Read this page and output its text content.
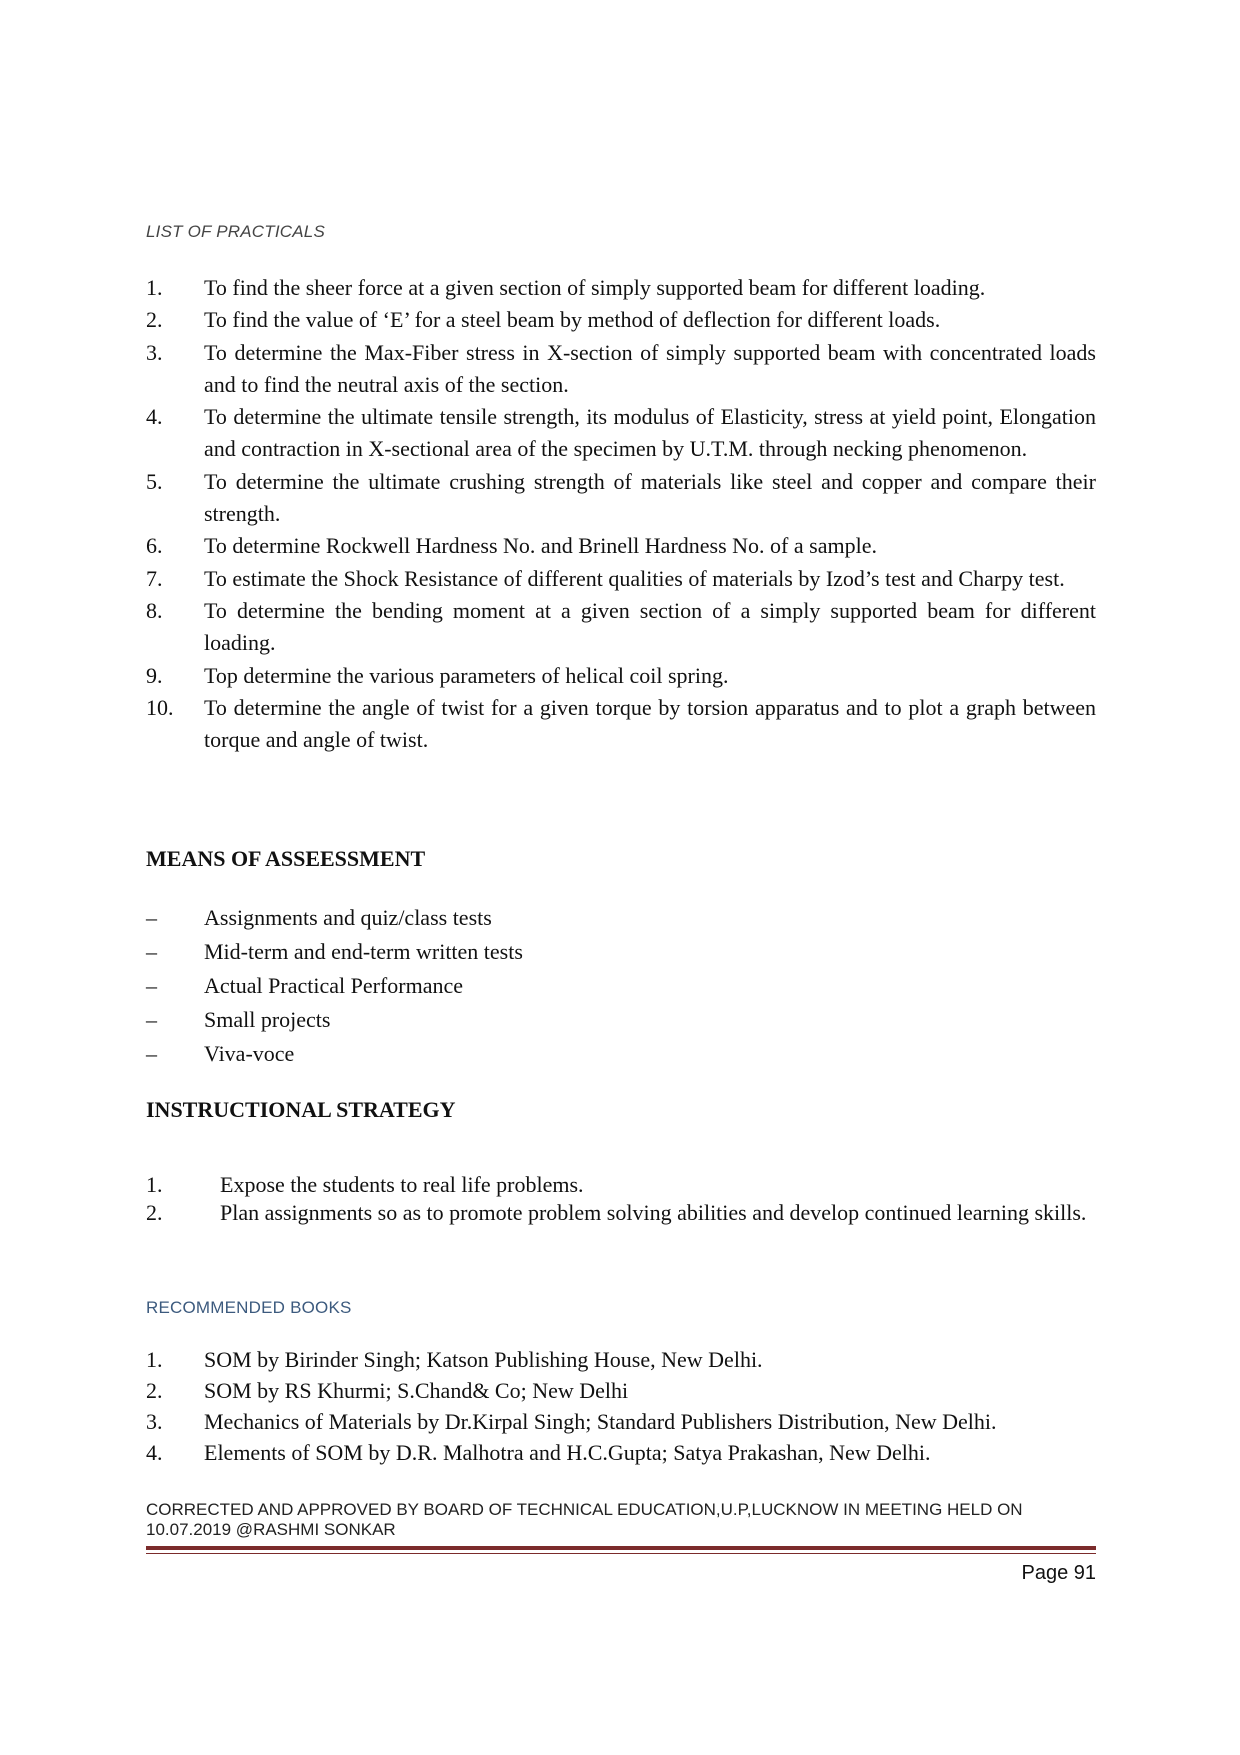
LIST OF PRACTICALS
1. To find the sheer force at a given section of simply supported beam for different loading.
2. To find the value of ‘E’ for a steel beam by method of deflection for different loads.
3. To determine the Max-Fiber stress in X-section of simply supported beam with concentrated loads and to find the neutral axis of the section.
4. To determine the ultimate tensile strength, its modulus of Elasticity, stress at yield point, Elongation and contraction in X-sectional area of the specimen by U.T.M. through necking phenomenon.
5. To determine the ultimate crushing strength of materials like steel and copper and compare their strength.
6. To determine Rockwell Hardness No. and Brinell Hardness No. of a sample.
7. To estimate the Shock Resistance of different qualities of materials by Izod’s test and Charpy test.
8. To determine the bending moment at a given section of a simply supported beam for different loading.
9. Top determine the various parameters of helical coil spring.
10. To determine the angle of twist for a given torque by torsion apparatus and to plot a graph between torque and angle of twist.
MEANS OF ASSEESSMENT
– Assignments and quiz/class tests
– Mid-term and end-term written tests
– Actual Practical Performance
– Small projects
– Viva-voce
INSTRUCTIONAL STRATEGY
1.	Expose the students to real life problems.
2.	Plan assignments so as to promote problem solving abilities and develop continued learning skills.
RECOMMENDED BOOKS
1. SOM by Birinder Singh; Katson Publishing House, New Delhi.
2. SOM by RS Khurmi; S.Chand& Co; New Delhi
3. Mechanics of Materials by Dr.Kirpal Singh; Standard Publishers Distribution, New Delhi.
4. Elements of SOM by D.R. Malhotra and H.C.Gupta; Satya Prakashan, New Delhi.
CORRECTED AND APPROVED BY BOARD OF TECHNICAL EDUCATION,U.P,LUCKNOW IN MEETING HELD ON
10.07.2019 @RASHMI SONKAR
Page 91
